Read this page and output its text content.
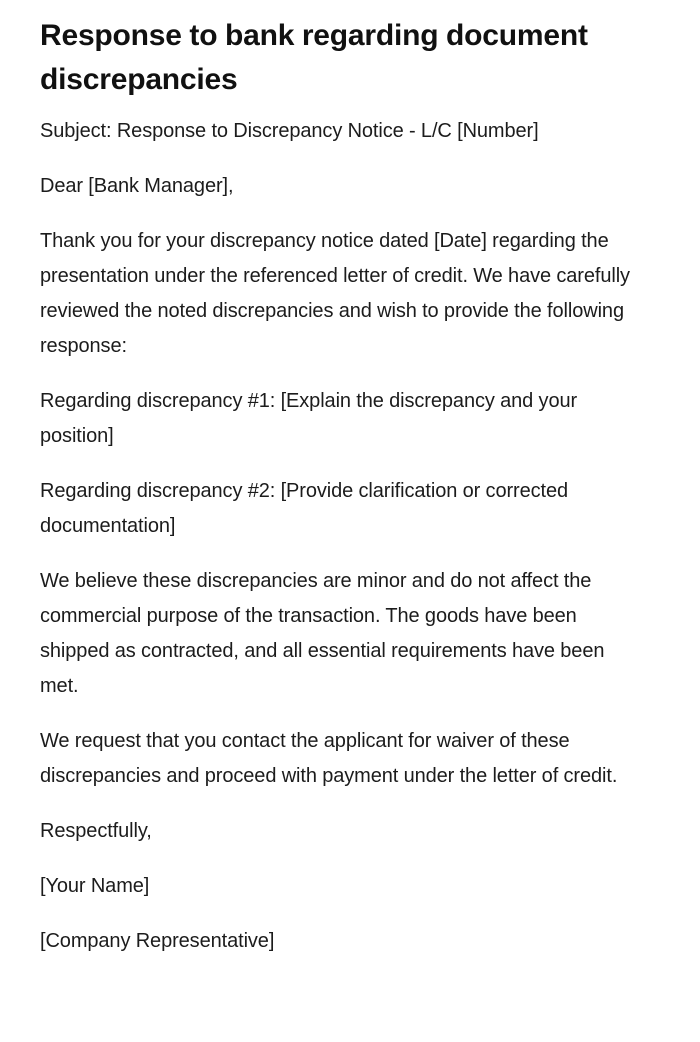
Response to bank regarding document discrepancies

Subject: Response to Discrepancy Notice - L/C [Number]

Dear [Bank Manager],

Thank you for your discrepancy notice dated [Date] regarding the presentation under the referenced letter of credit. We have carefully reviewed the noted discrepancies and wish to provide the following response:

Regarding discrepancy #1: [Explain the discrepancy and your position]

Regarding discrepancy #2: [Provide clarification or corrected documentation]

We believe these discrepancies are minor and do not affect the commercial purpose of the transaction. The goods have been shipped as contracted, and all essential requirements have been met.

We request that you contact the applicant for waiver of these discrepancies and proceed with payment under the letter of credit.

Respectfully,

[Your Name]

[Company Representative]
